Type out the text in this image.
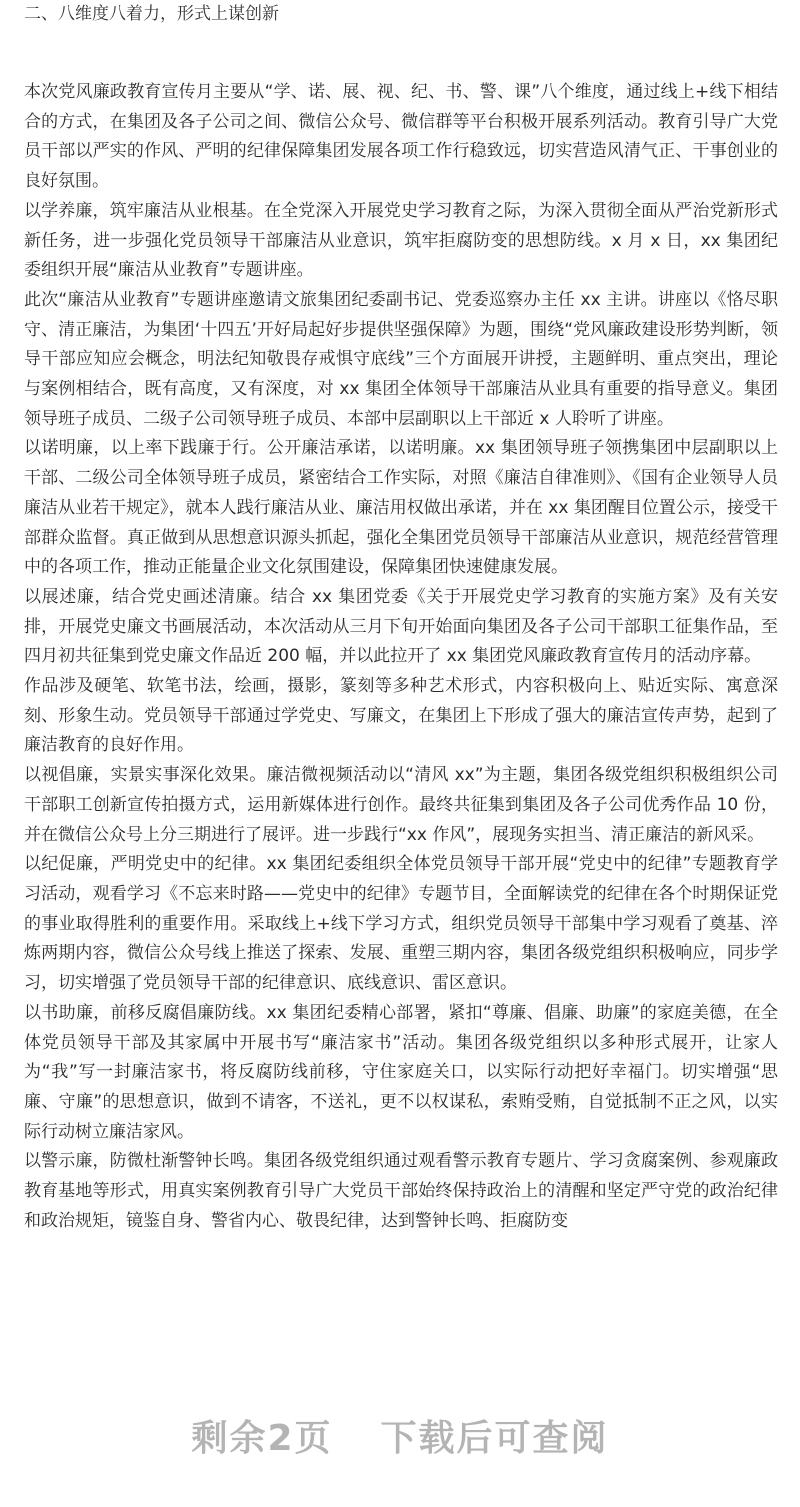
二、八维度八着力，形式上谋创新

本次党风廉政教育宣传月主要从“学、诺、展、视、纪、书、警、课”八个维度，通过线上+线下相结合的方式，在集团及各子公司之间、微信公众号、微信群等平台积极开展系列活动。教育引导广大党员干部以严实的作风、严明的纪律保障集团发展各项工作行稳致远，切实营造风清气正、干事创业的良好氛围。

以学养廉，筑牢廉洁从业根基。在全党深入开展党史学习教育之际，为深入贯彻全面从严治党新形式新任务，进一步强化党员领导干部廉洁从业意识，筑牢拒腐防变的思想防线。x 月 x 日，xx 集团纪委组织开展“廉洁从业教育”专题讲座。

此次“廉洁从业教育”专题讲座邀请文旅集团纪委副书记、党委巡察办主任 xx 主讲。讲座以《恪尽职守、清正廉洁，为集团‘十四五’开好局起好步提供坚强保障》为题，围绕“党风廉政建设形势判断，领导干部应知应会概念，明法纪知敬畏存戒惧守底线”三个方面展开讲授，主题鲜明、重点突出，理论与案例相结合，既有高度，又有深度，对 xx 集团全体领导干部廉洁从业具有重要的指导意义。集团领导班子成员、二级子公司领导班子成员、本部中层副职以上干部近 x 人聆听了讲座。

以诺明廉，以上率下践廉于行。公开廉洁承诺，以诺明廉。xx 集团领导班子领携集团中层副职以上干部、二级公司全体领导班子成员，紧密结合工作实际，对照《廉洁自律准则》、《国有企业领导人员廉洁从业若干规定》，就本人践行廉洁从业、廉洁用权做出承诺，并在 xx 集团醒目位置公示，接受干部群众监督。真正做到从思想意识源头抓起，强化全集团党员领导干部廉洁从业意识，规范经营管理中的各项工作，推动正能量企业文化氛围建设，保障集团快速健康发展。

以展述廉，结合党史画述清廉。结合 xx 集团党委《关于开展党史学习教育的实施方案》及有关安排，开展党史廉文书画展活动，本次活动从三月下旬开始面向集团及各子公司干部职工征集作品，至四月初共征集到党史廉文作品近 200 幅，并以此拉开了 xx 集团党风廉政教育宣传月的活动序幕。

作品涉及硬笔、软笔书法，绘画，摄影，篆刻等多种艺术形式，内容积极向上、贴近实际、寓意深刻、形象生动。党员领导干部通过学党史、写廉文，在集团上下形成了强大的廉洁宣传声势，起到了廉洁教育的良好作用。

以视倡廉，实景实事深化效果。廉洁微视频活动以“清风 xx”为主题，集团各级党组织积极组织公司干部职工创新宣传拍摄方式，运用新媒体进行创作。最终共征集到集团及各子公司优秀作品 10 份，并在微信公众号上分三期进行了展评。进一步践行“xx 作风”，展现务实担当、清正廉洁的新风采。

以纪促廉，严明党史中的纪律。xx 集团纪委组织全体党员领导干部开展“党史中的纪律”专题教育学习活动，观看学习《不忘来时路——党史中的纪律》专题节目，全面解读党的纪律在各个时期保证党的事业取得胜利的重要作用。采取线上+线下学习方式，组织党员领导干部集中学习观看了奠基、淬炼两期内容，微信公众号线上推送了探索、发展、重塑三期内容，集团各级党组织积极响应，同步学习，切实增强了党员领导干部的纪律意识、底线意识、雷区意识。

以书助廉，前移反腐倡廉防线。xx 集团纪委精心部署，紧扣“尊廉、倡廉、助廉”的家庭美德，在全体党员领导干部及其家属中开展书写“廉洁家书”活动。集团各级党组织以多种形式展开，让家人为“我”写一封廉洁家书，将反腐防线前移，守住家庭关口，以实际行动把好幸福门。切实增强“思廉、守廉”的思想意识，做到不请客，不送礼，更不以权谋私，索贿受贿，自觉抵制不正之风，以实际行动树立廉洁家风。

以警示廉，防微杜渐警钟长鸣。集团各级党组织通过观看警示教育专题片、学习贪腐案例、参观廉政教育基地等形式，用真实案例教育引导广大党员干部始终保持政治上的清醒和坚定严守党的政治纪律和政治规矩，镜鉴自身、警省内心、敬畏纪律，达到警钟长鸣、拒腐防变

剩余2页 下载后可查阅
